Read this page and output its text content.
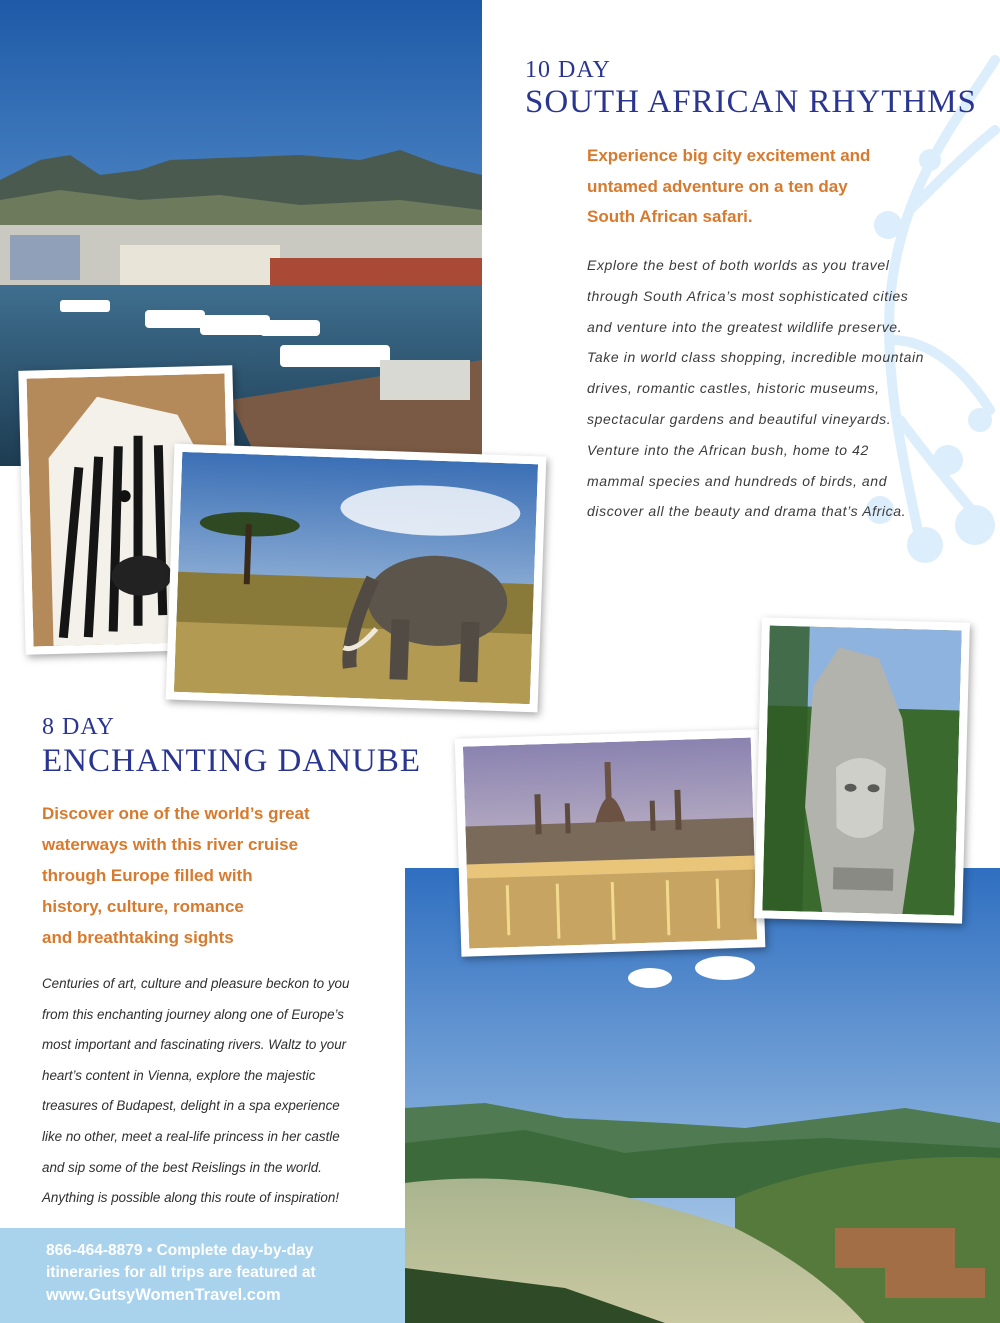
10 DAY
SOUTH AFRICAN RHYTHMS
Experience big city excitement and
untamed adventure on a ten day
South African safari.
Explore the best of both worlds as you travel
through South Africa’s most sophisticated cities
and venture into the greatest wildlife preserve.
Take in world class shopping, incredible mountain
drives, romantic castles, historic museums,
spectacular gardens and beautiful vineyards.
Venture into the African bush, home to 42
mammal species and hundreds of birds, and
discover all the beauty and drama that’s Africa.
8 DAY
ENCHANTING DANUBE
Discover one of the world’s great
waterways with this river cruise
through Europe filled with
history, culture, romance
and breathtaking sights
Centuries of art, culture and pleasure beckon to you
from this enchanting journey along one of Europe’s
most important and fascinating rivers. Waltz to your
heart’s content in Vienna, explore the majestic
treasures of Budapest, delight in a spa experience
like no other, meet a real-life princess in her castle
and sip some of the best Reislings in the world.
Anything is possible along this route of inspiration!
866-464-8879 • Complete day-by-day
itineraries for all trips are featured at
www.GutsyWomenTravel.com
